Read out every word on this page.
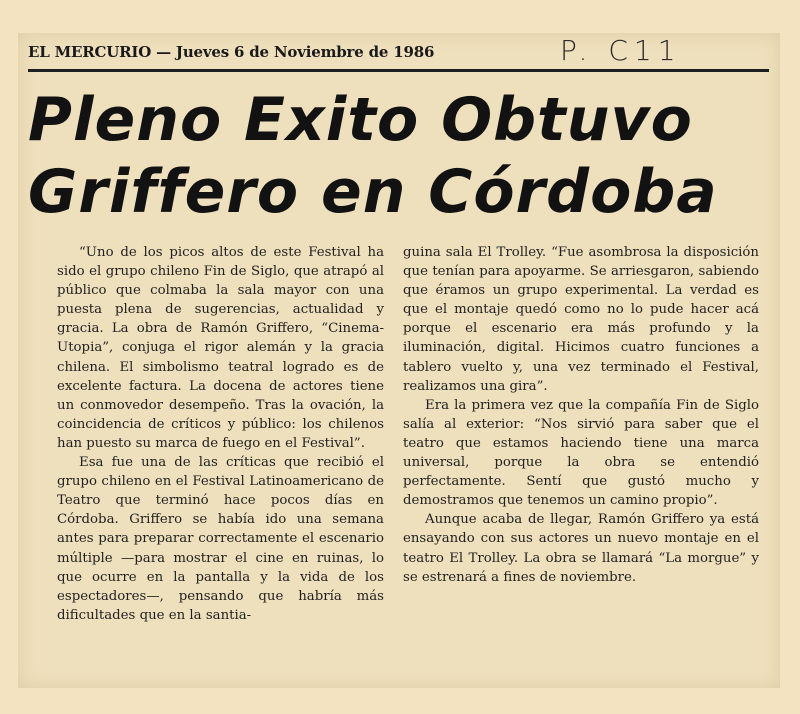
EL MERCURIO — Jueves 6 de Noviembre de 1986	P. C11
Pleno Exito Obtuvo
Griffero en Córdoba

“Uno de los picos altos de este Festival ha sido el grupo chileno Fin de Siglo, que atrapó al público que colmaba la sala mayor con una puesta plena de sugerencias, actualidad y gracia. La obra de Ramón Griffero, “Cinema-Utopia”, conjuga el rigor alemán y la gracia chilena. El simbolismo teatral logrado es de excelente factura. La docena de actores tiene un conmovedor desempeño. Tras la ovación, la coincidencia de críticos y público: los chilenos han puesto su marca de fuego en el Festival”.

Esa fue una de las críticas que recibió el grupo chileno en el Festival Latinoamericano de Teatro que terminó hace pocos días en Córdoba. Griffero se había ido una semana antes para preparar correctamente el escenario múltiple —para mostrar el cine en ruinas, lo que ocurre en la pantalla y la vida de los espectadores—, pensando que habría más dificultades que en la santia-

guina sala El Trolley. “Fue asombrosa la disposición que tenían para apoyarme. Se arriesgaron, sabiendo que éramos un grupo experimental. La verdad es que el montaje quedó como no lo pude hacer acá porque el escenario era más profundo y la iluminación, digital. Hicimos cuatro funciones a tablero vuelto y, una vez terminado el Festival, realizamos una gira”.

Era la primera vez que la compañía Fin de Siglo salía al exterior: “Nos sirvió para saber que el teatro que estamos haciendo tiene una marca universal, porque la obra se entendió perfectamente. Sentí que gustó mucho y demostramos que tenemos un camino propio”.

Aunque acaba de llegar, Ramón Griffero ya está ensayando con sus actores un nuevo montaje en el teatro El Trolley. La obra se llamará “La morgue” y se estrenará a fines de noviembre.
